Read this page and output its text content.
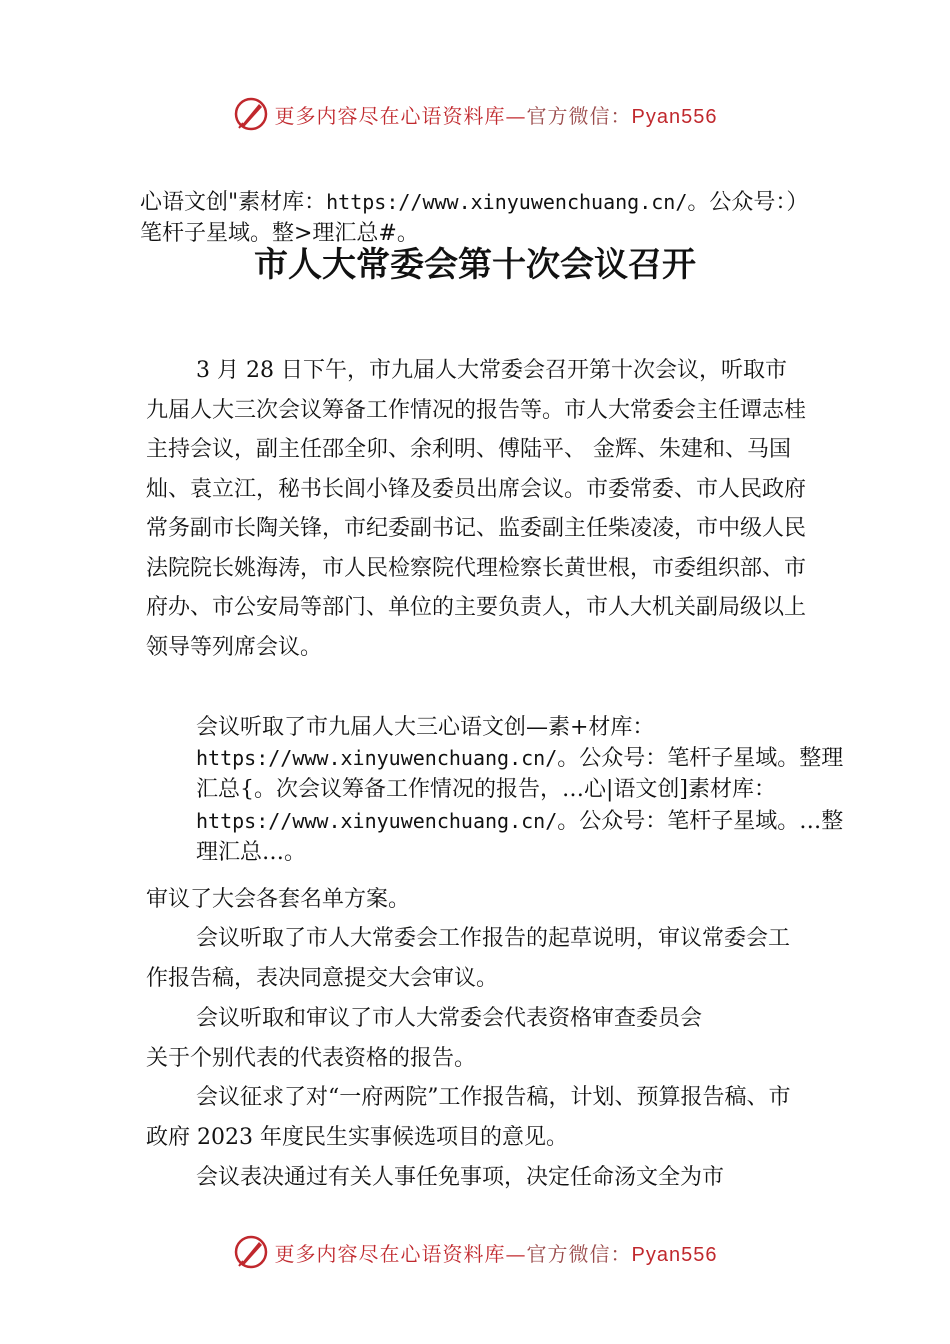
更多内容尽在心语资料库—官方微信：Pyan556

心语文创"素材库：https://www.xinyuwenchuang.cn/。公众号：）笔杆子星域。整>理汇总#。

市人大常委会第十次会议召开

3 月 28 日下午，市九届人大常委会召开第十次会议，听取市九届人大三次会议筹备工作情况的报告等。市人大常委会主任谭志桂主持会议，副主任邵全卯、余利明、傅陆平、 金辉、朱建和、马国灿、袁立江，秘书长闾小锋及委员出席会议。市委常委、市人民政府常务副市长陶关锋，市纪委副书记、监委副主任柴凌凌，市中级人民法院院长姚海涛，市人民检察院代理检察长黄世根，市委组织部、市府办、市公安局等部门、单位的主要负责人，市人大机关副局级以上领导等列席会议。

会议听取了市九届人大三心语文创—素+材库：https://www.xinyuwenchuang.cn/。公众号：笔杆子星域。整理汇总{。次会议筹备工作情况的报告，…心|语文创]素材库：https://www.xinyuwenchuang.cn/。公众号：笔杆子星域。…整理汇总…。

审议了大会各套名单方案。

会议听取了市人大常委会工作报告的起草说明，审议常委会工作报告稿，表决同意提交大会审议。

会议听取和审议了市人大常委会代表资格审查委员会
关于个别代表的代表资格的报告。

会议征求了对“一府两院”工作报告稿，计划、预算报告稿、市政府 2023 年度民生实事候选项目的意见。

会议表决通过有关人事任免事项，决定任命汤文全为市

更多内容尽在心语资料库—官方微信：Pyan556
